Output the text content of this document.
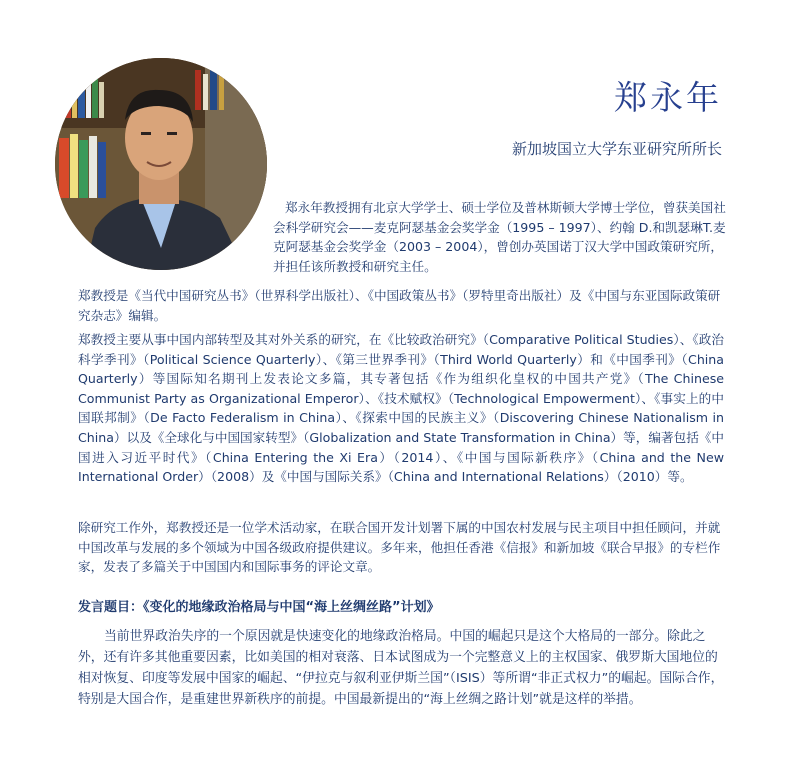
郑永年
新加坡国立大学东亚研究所所长

郑永年教授拥有北京大学学士、硕士学位及普林斯顿大学博士学位，曾获美国社会科学研究会——麦克阿瑟基金会奖学金（1995 – 1997）、约翰 D.和凯瑟琳T.麦克阿瑟基金会奖学金（2003 – 2004），曾创办英国诺丁汉大学中国政策研究所，并担任该所教授和研究主任。

郑教授是《当代中国研究丛书》（世界科学出版社）、《中国政策丛书》（罗特里奇出版社）及《中国与东亚国际政策研究杂志》编辑。

郑教授主要从事中国内部转型及其对外关系的研究，在《比较政治研究》（Comparative Political Studies）、《政治科学季刊》（Political Science Quarterly）、《第三世界季刊》（Third World Quarterly）和《中国季刊》（China Quarterly）等国际知名期刊上发表论文多篇，其专著包括《作为组织化皇权的中国共产党》（The Chinese Communist Party as Organizational Emperor）、《技术赋权》（Technological Empowerment）、《事实上的中国联邦制》（De Facto Federalism in China）、《探索中国的民族主义》（Discovering Chinese Nationalism in China）以及《全球化与中国国家转型》（Globalization and State Transformation in China）等，编著包括《中国进入习近平时代》（China Entering the Xi Era）（2014）、《中国与国际新秩序》（China and the New International Order）（2008）及《中国与国际关系》（China and International Relations）（2010）等。

除研究工作外，郑教授还是一位学术活动家，在联合国开发计划署下属的中国农村发展与民主项目中担任顾问，并就中国改革与发展的多个领域为中国各级政府提供建议。多年来，他担任香港《信报》和新加坡《联合早报》的专栏作家，发表了多篇关于中国国内和国际事务的评论文章。

发言题目：《变化的地缘政治格局与中国“海上丝绸丝路”计划》

当前世界政治失序的一个原因就是快速变化的地缘政治格局。中国的崛起只是这个大格局的一部分。除此之外，还有许多其他重要因素，比如美国的相对衰落、日本试图成为一个完整意义上的主权国家、俄罗斯大国地位的相对恢复、印度等发展中国家的崛起、“伊拉克与叙利亚伊斯兰国”（ISIS）等所谓“非正式权力”的崛起。国际合作，特别是大国合作，是重建世界新秩序的前提。中国最新提出的“海上丝绸之路计划”就是这样的举措。
